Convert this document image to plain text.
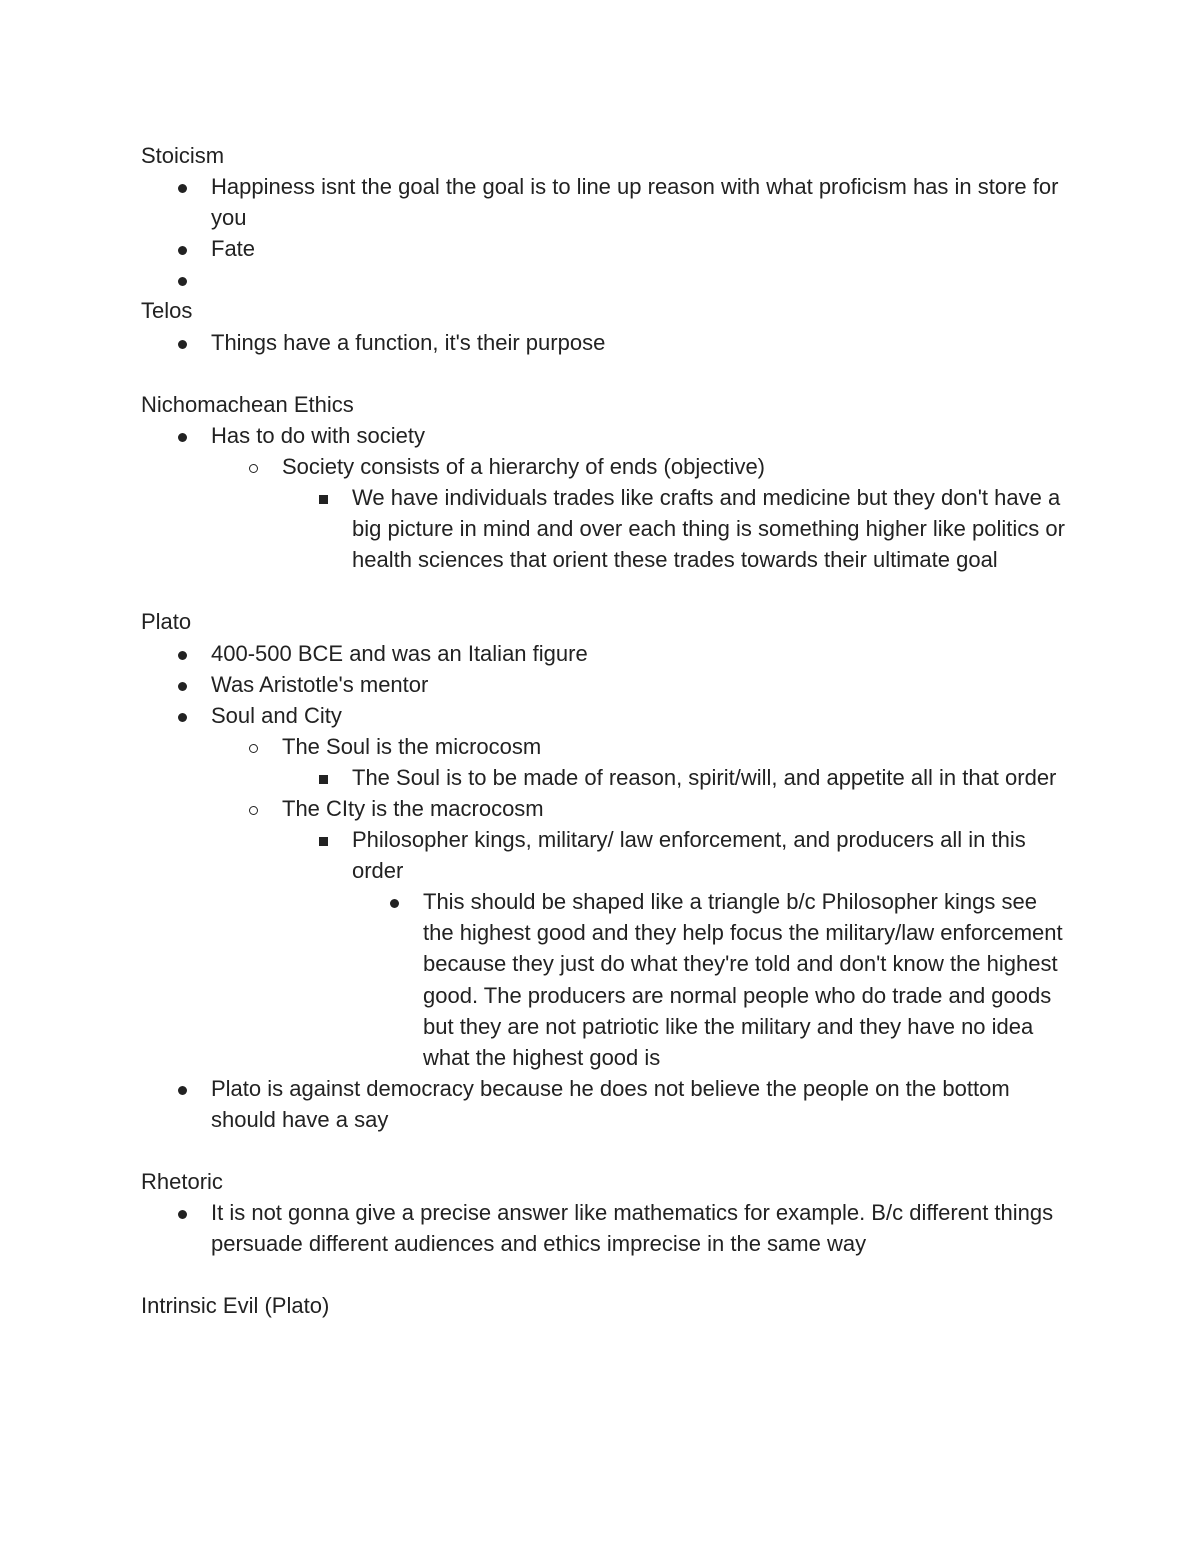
Stoicism
Happiness isnt the goal the goal is to line up reason with what proficism has in store for you
Fate
Telos
Things have a function, it's their purpose
Nichomachean Ethics
Has to do with society
Society consists of a hierarchy of ends (objective)
We have individuals trades like crafts and medicine but they don't have a big picture in mind and over each thing is something higher like politics or health sciences that orient these trades towards their ultimate goal
Plato
400-500 BCE and was an Italian figure
Was Aristotle's mentor
Soul and City
The Soul is the microcosm
The Soul is to be made of reason, spirit/will, and appetite all in that order
The CIty is the macrocosm
Philosopher kings, military/ law enforcement, and producers all in this order
This should be shaped like a triangle b/c Philosopher kings see the highest good and they help focus the military/law enforcement because they just do what they're told and don't know the highest good. The producers are normal people who do trade and goods but they are not patriotic like the military and they have no idea what the highest good is
Plato is against democracy because he does not believe the people on the bottom should have a say
Rhetoric
It is not gonna give a precise answer like mathematics for example. B/c different things persuade different audiences and ethics imprecise in the same way
Intrinsic Evil (Plato)
